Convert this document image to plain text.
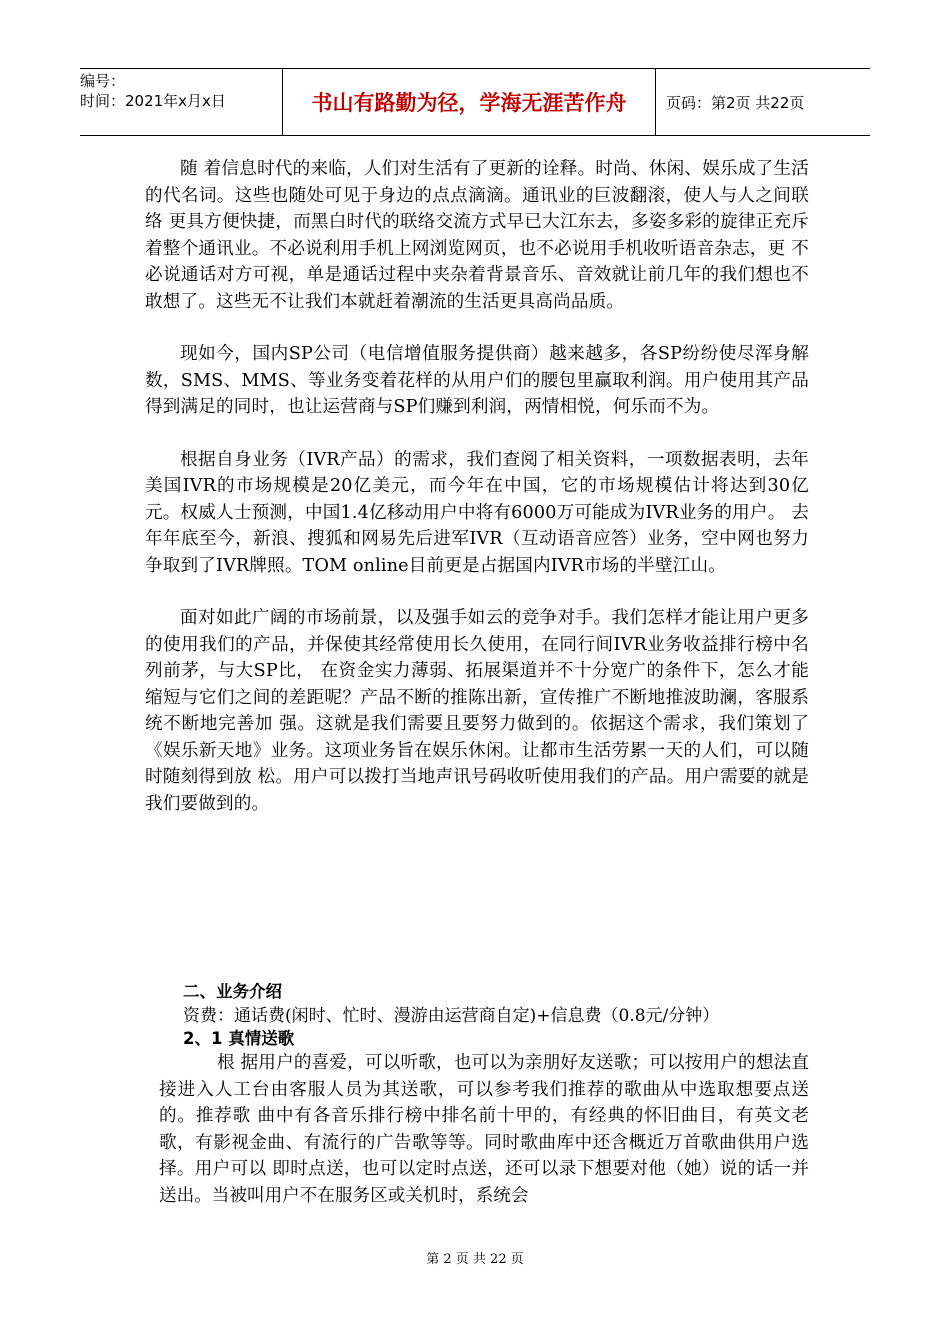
编号：
时间：2021年x月x日	书山有路勤为径，学海无涯苦作舟	页码：第2页 共22页

随 着信息时代的来临，人们对生活有了更新的诠释。时尚、休闲、娱乐成了生活的代名词。这些也随处可见于身边的点点滴滴。通讯业的巨波翻滚，使人与人之间联络 更具方便快捷，而黑白时代的联络交流方式早已大江东去，多姿多彩的旋律正充斥着整个通讯业。不必说利用手机上网浏览网页，也不必说用手机收听语音杂志，更 不必说通话对方可视，单是通话过程中夹杂着背景音乐、音效就让前几年的我们想也不敢想了。这些无不让我们本就赶着潮流的生活更具高尚品质。

现如今，国内SP公司（电信增值服务提供商）越来越多，各SP纷纷使尽浑身解数，SMS、MMS、等业务变着花样的从用户们的腰包里赢取利润。用户使用其产品得到满足的同时，也让运营商与SP们赚到利润，两情相悦，何乐而不为。

根据自身业务（IVR产品）的需求，我们查阅了相关资料，一项数据表明，去年美国IVR的市场规模是20亿美元，而今年在中国，它的市场规模估计将达到30亿元。权威人士预测，中国1.4亿移动用户中将有6000万可能成为IVR业务的用户。 去年年底至今，新浪、搜狐和网易先后进军IVR（互动语音应答）业务，空中网也努力争取到了IVR牌照。TOM online目前更是占据国内IVR市场的半壁江山。

面对如此广阔的市场前景，以及强手如云的竞争对手。我们怎样才能让用户更多的使用我们的产品，并保使其经常使用长久使用，在同行间IVR业务收益排行榜中名列前茅，与大SP比， 在资金实力薄弱、拓展渠道并不十分宽广的条件下，怎么才能缩短与它们之间的差距呢？产品不断的推陈出新，宣传推广不断地推波助澜，客服系统不断地完善加 强。这就是我们需要且要努力做到的。依据这个需求，我们策划了《娱乐新天地》业务。这项业务旨在娱乐休闲。让都市生活劳累一天的人们，可以随时随刻得到放 松。用户可以拨打当地声讯号码收听使用我们的产品。用户需要的就是我们要做到的。

二、业务介绍
资费：通话费(闲时、忙时、漫游由运营商自定)+信息费（0.8元/分钟）
2、1 真情送歌

根 据用户的喜爱，可以听歌，也可以为亲朋好友送歌；可以按用户的想法直接进入人工台由客服人员为其送歌，可以参考我们推荐的歌曲从中选取想要点送的。推荐歌 曲中有各音乐排行榜中排名前十甲的，有经典的怀旧曲目，有英文老歌，有影视金曲、有流行的广告歌等等。同时歌曲库中还含概近万首歌曲供用户选择。用户可以 即时点送，也可以定时点送，还可以录下想要对他（她）说的话一并送出。当被叫用户不在服务区或关机时，系统会

第 2 页 共 22 页
